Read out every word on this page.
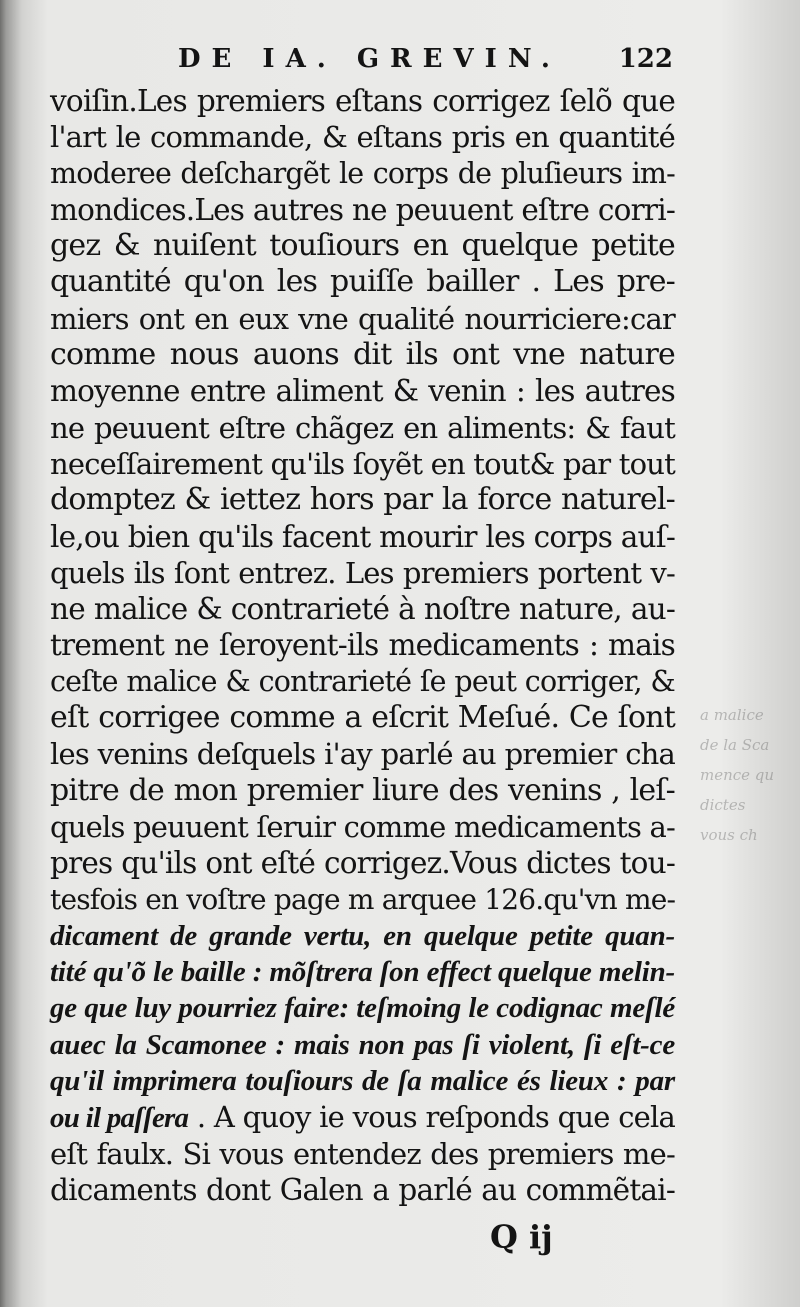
a malice
de la Sca
mence qu
dictes
vous ch
DE IA. GREVIN. 122
voiſin.Les premiers eſtans corrigez ſelõ que
l'art le commande, & eſtans pris en quantité
moderee deſchargẽt le corps de pluſieurs im-
mondices.Les autres ne peuuent eſtre corri-
gez & nuiſent touſiours en quelque petite
quantité qu'on les puiſſe bailler . Les pre-
miers ont en eux vne qualité nourriciere:car
comme nous auons dit ils ont vne nature
moyenne entre aliment & venin : les autres
ne peuuent eſtre chãgez en aliments: & faut
neceſſairement qu'ils ſoyẽt en tout& par tout
domptez & iettez hors par la force naturel-
le,ou bien qu'ils facent mourir les corps auſ-
quels ils ſont entrez. Les premiers portent v-
ne malice & contrarieté à noſtre nature, au-
trement ne ſeroyent-ils medicaments : mais
ceſte malice & contrarieté ſe peut corriger, &
eſt corrigee comme a eſcrit Meſué. Ce ſont
les venins deſquels i'ay parlé au premier cha
pitre de mon premier liure des venins , leſ-
quels peuuent ſeruir comme medicaments a-
pres qu'ils ont eſté corrigez.Vous dictes tou-
tesfois en voſtre page m arquee 126.qu'vn me-
dicament de grande vertu, en quelque petite quan-
tité qu'õ le baille : mõſtrera ſon effect quelque melin-
ge que luy pourriez faire: teſmoing le codignac meſlé
auec la Scamonee : mais non pas ſi violent, ſi eſt-ce
qu'il imprimera touſiours de ſa malice és lieux : par
ou il paſſera . A quoy ie vous reſponds que cela
eſt faulx. Si vous entendez des premiers me-
dicaments dont Galen a parlé au commẽtai-
Q ij
